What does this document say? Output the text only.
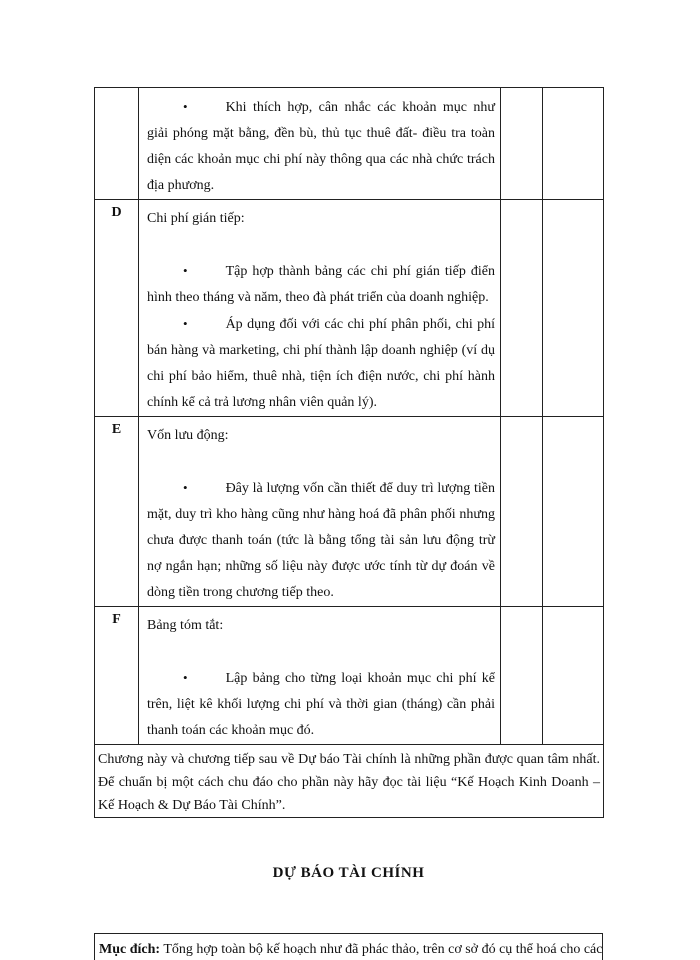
	• Khi thích hợp, cân nhắc các khoản mục như giải phóng mặt bằng, đền bù, thủ tục thuê đất- điều tra toàn diện các khoản mục chi phí này thông qua các nhà chức trách địa phương.		

D	Chi phí gián tiếp:

• Tập hợp thành bảng các chi phí gián tiếp điển hình theo tháng và năm, theo đà phát triển của doanh nghiệp.

• Áp dụng đối với các chi phí phân phối, chi phí bán hàng và marketing, chi phí thành lập doanh nghiệp (ví dụ chi phí bảo hiểm, thuê nhà, tiện ích điện nước, chi phí hành chính kể cả trả lương nhân viên quản lý).		

E	Vốn lưu động:

• Đây là lượng vốn cần thiết để duy trì lượng tiền mặt, duy trì kho hàng cũng như hàng hoá đã phân phối nhưng chưa được thanh toán (tức là bằng tổng tài sản lưu động trừ nợ ngắn hạn; những số liệu này được ước tính từ dự đoán về dòng tiền trong chương tiếp theo.		

F	Bảng tóm tắt:

• Lập bảng cho từng loại khoản mục chi phí kể trên, liệt kê khối lượng chi phí và thời gian (tháng) cần phải thanh toán các khoản mục đó.		

Chương này và chương tiếp sau về Dự báo Tài chính là những phần được quan tâm nhất. Để chuẩn bị một cách chu đáo cho phần này hãy đọc tài liệu “Kế Hoạch Kinh Doanh – Kế Hoạch & Dự Báo Tài Chính”.			
DỰ BÁO TÀI CHÍNH

Mục đích: Tổng hợp toàn bộ kế hoạch như đã phác thảo, trên cơ sở đó cụ thể hoá cho các
